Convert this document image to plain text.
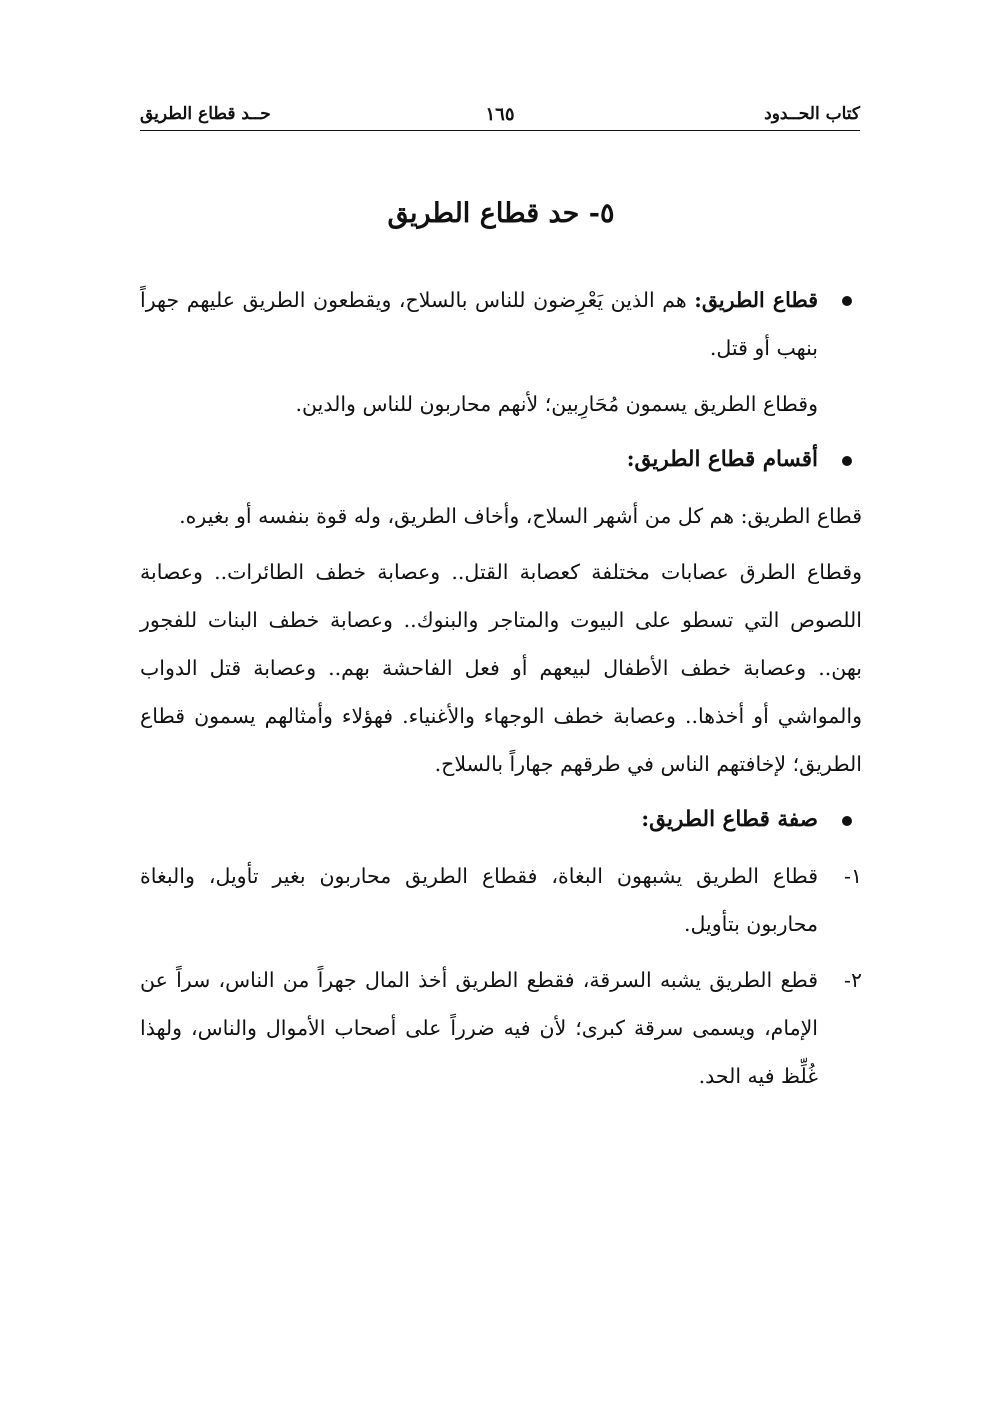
كتاب الحــدود
١٦٥
حــد قطاع الطريق
٥- حد قطاع الطريق
قطاع الطريق: هم الذين يَعْرِضون للناس بالسلاح، ويقطعون الطريق عليهم جهراً بنهب أو قتل.
وقطاع الطريق يسمون مُحَارِبين؛ لأنهم محاربون للناس والدين.
أقسام قطاع الطريق:
قطاع الطريق: هم كل من أشهر السلاح، وأخاف الطريق، وله قوة بنفسه أو بغيره.
وقطاع الطرق عصابات مختلفة كعصابة القتل.. وعصابة خطف الطائرات.. وعصابة اللصوص التي تسطو على البيوت والمتاجر والبنوك.. وعصابة خطف البنات للفجور بهن.. وعصابة خطف الأطفال لبيعهم أو فعل الفاحشة بهم.. وعصابة قتل الدواب والمواشي أو أخذها.. وعصابة خطف الوجهاء والأغنياء. فهؤلاء وأمثالهم يسمون قطاع الطريق؛ لإخافتهم الناس في طرقهم جهاراً بالسلاح.
صفة قطاع الطريق:
١-
قطاع الطريق يشبهون البغاة، فقطاع الطريق محاربون بغير تأويل، والبغاة محاربون بتأويل.
٢-
قطع الطريق يشبه السرقة، فقطع الطريق أخذ المال جهراً من الناس، سراً عن الإمام، ويسمى سرقة كبرى؛ لأن فيه ضرراً على أصحاب الأموال والناس، ولهذا غُلِّظ فيه الحد.
